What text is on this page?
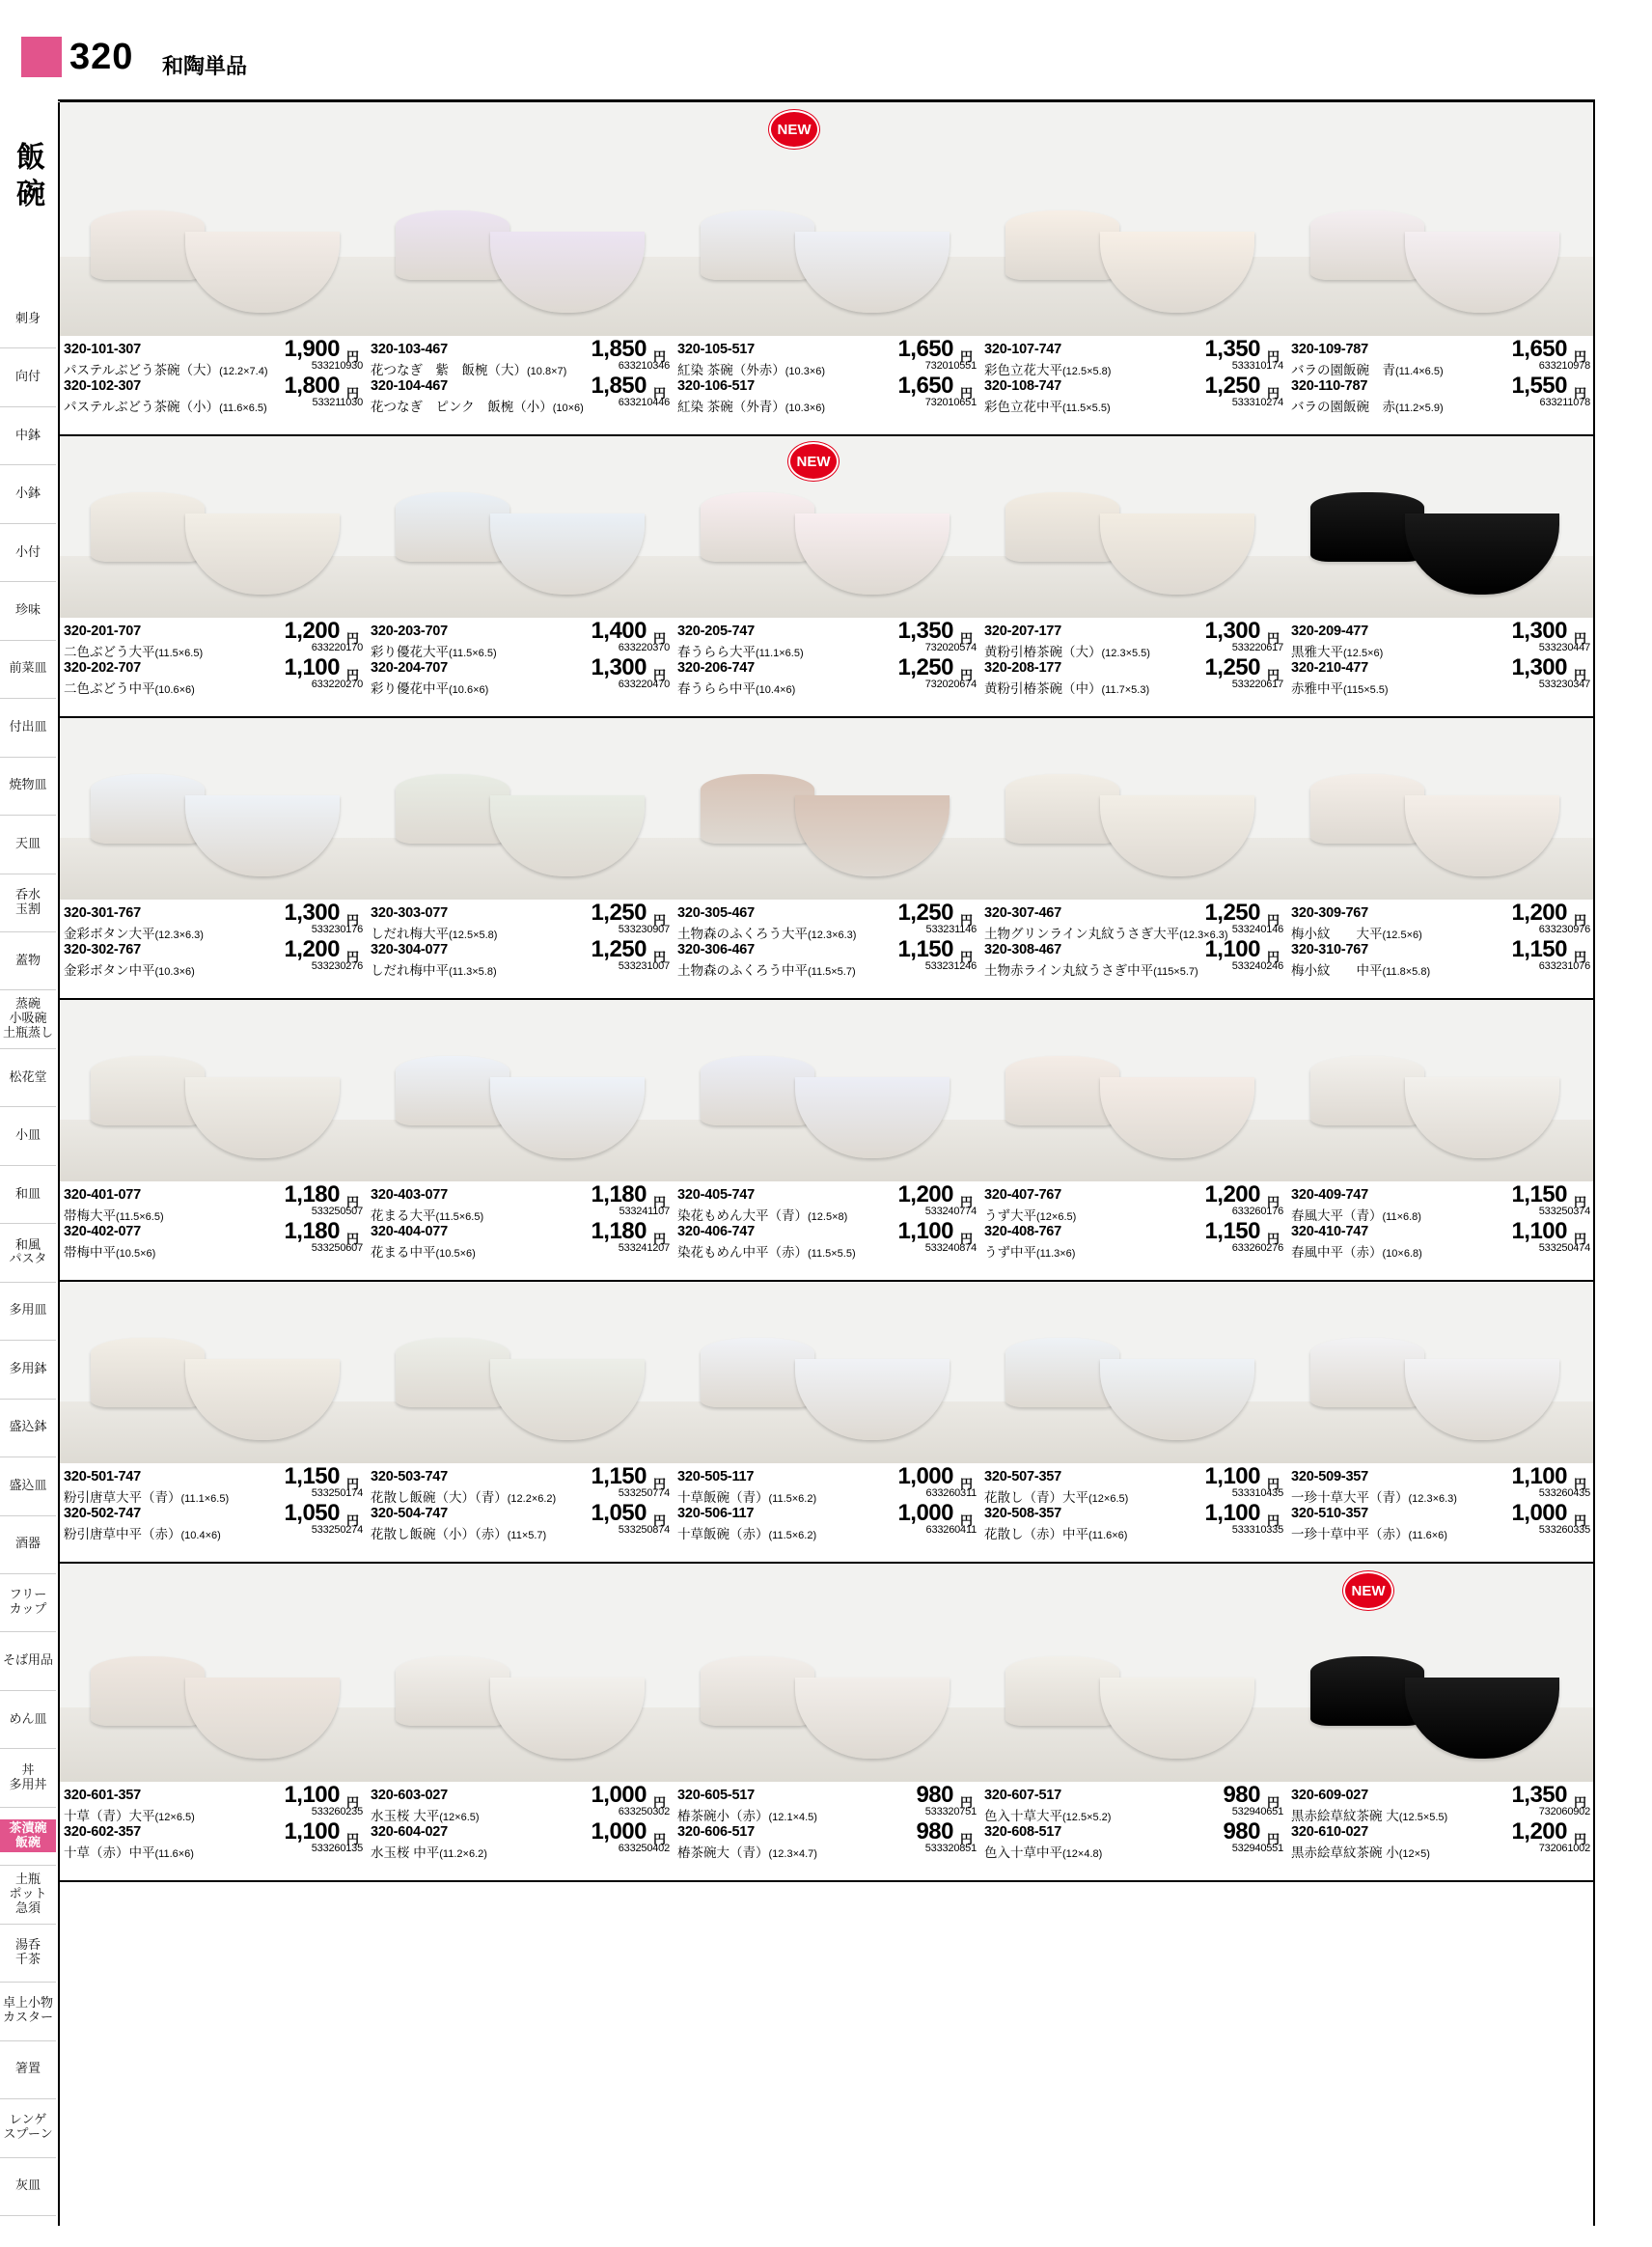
320 和陶単品
飯
碗
刺身
向付
中鉢
小鉢
小付
珍味
前菜皿
付出皿
焼物皿
天皿
呑水
玉割
蓋物
蒸碗
小吸碗
土瓶蒸し
松花堂
小皿
和皿
和風
パスタ
多用皿
多用鉢
盛込鉢
盛込皿
酒器
フリー
カップ
そば用品
めん皿
丼
多用丼
茶漬碗
飯碗
土瓶
ポット
急須
湯呑
千茶
卓上小物
カスター
箸置
レンゲ
スプーン
灰皿
NEW
320-101-307	1,900 円
パステルぶどう茶碗（大）(12.2×7.4)	533210930
320-102-307	1,800 円
パステルぶどう茶碗（小）(11.6×6.5)	533211030
320-103-467	1,850 円
花つなぎ　紫　飯椀（大）(10.8×7)	633210346
320-104-467	1,850 円
花つなぎ　ピンク　飯椀（小）(10×6)	633210446
320-105-517	1,650 円
紅染 茶碗（外赤）(10.3×6)	732010551
320-106-517	1,650 円
紅染 茶碗（外青）(10.3×6)	732010651
320-107-747	1,350 円
彩色立花大平(12.5×5.8)	533310174
320-108-747	1,250 円
彩色立花中平(11.5×5.5)	533310274
320-109-787	1,650 円
バラの園飯碗　青(11.4×6.5)	633210978
320-110-787	1,550 円
バラの園飯碗　赤(11.2×5.9)	633211078
NEW
320-201-707	1,200 円
二色ぶどう大平(11.5×6.5)	633220170
320-202-707	1,100 円
二色ぶどう中平(10.6×6)	633220270
320-203-707	1,400 円
彩り優花大平(11.5×6.5)	633220370
320-204-707	1,300 円
彩り優花中平(10.6×6)	633220470
320-205-747	1,350 円
春うらら大平(11.1×6.5)	732020574
320-206-747	1,250 円
春うらら中平(10.4×6)	732020674
320-207-177	1,300 円
黄粉引椿茶碗（大）(12.3×5.5)	533220617
320-208-177	1,250 円
黄粉引椿茶碗（中）(11.7×5.3)	533220617
320-209-477	1,300 円
黒雅大平(12.5×6)	533230447
320-210-477	1,300 円
赤雅中平(115×5.5)	533230347
320-301-767	1,300 円
金彩ボタン大平(12.3×6.3)	533230176
320-302-767	1,200 円
金彩ボタン中平(10.3×6)	533230276
320-303-077	1,250 円
しだれ梅大平(12.5×5.8)	533230907
320-304-077	1,250 円
しだれ梅中平(11.3×5.8)	533231007
320-305-467	1,250 円
土物森のふくろう大平(12.3×6.3)	533231146
320-306-467	1,150 円
土物森のふくろう中平(11.5×5.7)	533231246
320-307-467	1,250 円
土物グリンライン丸紋うさぎ大平(12.3×6.3) 533240146
320-308-467	1,100 円
土物赤ライン丸紋うさぎ中平(115×5.7)	533240246
320-309-767	1,200 円
梅小紋　　大平(12.5×6)	633230976
320-310-767	1,150 円
梅小紋　　中平(11.8×5.8)	633231076
320-401-077	1,180 円
帯梅大平(11.5×6.5)	533250507
320-402-077	1,180 円
帯梅中平(10.5×6)	533250607
320-403-077	1,180 円
花まる大平(11.5×6.5)	533241107
320-404-077	1,180 円
花まる中平(10.5×6)	533241207
320-405-747	1,200 円
染花もめん大平（青）(12.5×8)	533240774
320-406-747	1,100 円
染花もめん中平（赤）(11.5×5.5)	533240874
320-407-767	1,200 円
うず大平(12×6.5)	633260176
320-408-767	1,150 円
うず中平(11.3×6)	633260276
320-409-747	1,150 円
春風大平（青）(11×6.8)	533250374
320-410-747	1,100 円
春風中平（赤）(10×6.8)	533250474
320-501-747	1,150 円
粉引唐草大平（青）(11.1×6.5)	533250174
320-502-747	1,050 円
粉引唐草中平（赤）(10.4×6)	533250274
320-503-747	1,150 円
花散し飯碗（大）（青）(12.2×6.2)	533250774
320-504-747	1,050 円
花散し飯碗（小）（赤）(11×5.7)	533250874
320-505-117	1,000 円
十草飯碗（青）(11.5×6.2)	633260311
320-506-117	1,000 円
十草飯碗（赤）(11.5×6.2)	633260411
320-507-357	1,100 円
花散し（青）大平(12×6.5)	533310435
320-508-357	1,100 円
花散し（赤）中平(11.6×6)	533310335
320-509-357	1,100 円
一珍十草大平（青）(12.3×6.3)	533260435
320-510-357	1,000 円
一珍十草中平（赤）(11.6×6)	533260335
NEW
320-601-357	1,100 円
十草（青）大平(12×6.5)	533260235
320-602-357	1,100 円
十草（赤）中平(11.6×6)	533260135
320-603-027	1,000 円
水玉桜 大平(12×6.5)	633250302
320-604-027	1,000 円
水玉桜 中平(11.2×6.2)	633250402
320-605-517	980 円
椿茶碗小（赤）(12.1×4.5)	533320751
320-606-517	980 円
椿茶碗大（青）(12.3×4.7)	533320851
320-607-517	980 円
色入十草大平(12.5×5.2)	532940651
320-608-517	980 円
色入十草中平(12×4.8)	532940551
320-609-027	1,350 円
黒赤絵草紋茶碗 大(12.5×5.5)	732060902
320-610-027	1,200 円
黒赤絵草紋茶碗 小(12×5)	732061002
